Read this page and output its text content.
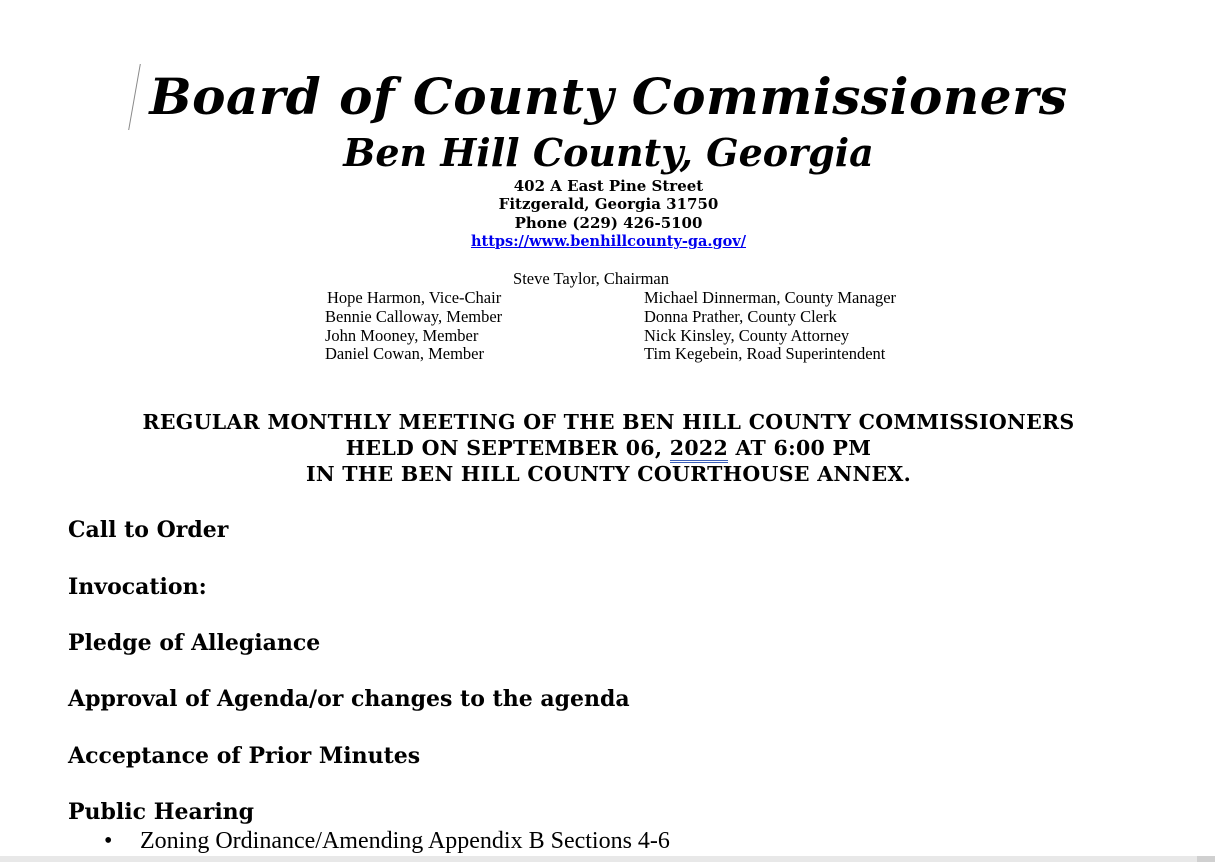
Board of County Commissioners
Ben Hill County, Georgia
402 A East Pine Street
Fitzgerald, Georgia 31750
Phone (229) 426-5100
https://www.benhillcounty-ga.gov/
Steve Taylor, Chairman
Hope Harmon, Vice-Chair
Bennie Calloway, Member
John Mooney, Member
Daniel Cowan, Member
Michael Dinnerman, County Manager
Donna Prather, County Clerk
Nick Kinsley, County Attorney
Tim Kegebein, Road Superintendent
REGULAR MONTHLY MEETING OF THE BEN HILL COUNTY COMMISSIONERS
HELD ON SEPTEMBER 06, 2022 AT 6:00 PM
IN THE BEN HILL COUNTY COURTHOUSE ANNEX.
Call to Order
Invocation:
Pledge of Allegiance
Approval of Agenda/or changes to the agenda
Acceptance of Prior Minutes
Public Hearing
• Zoning Ordinance/Amending Appendix B Sections 4-6
